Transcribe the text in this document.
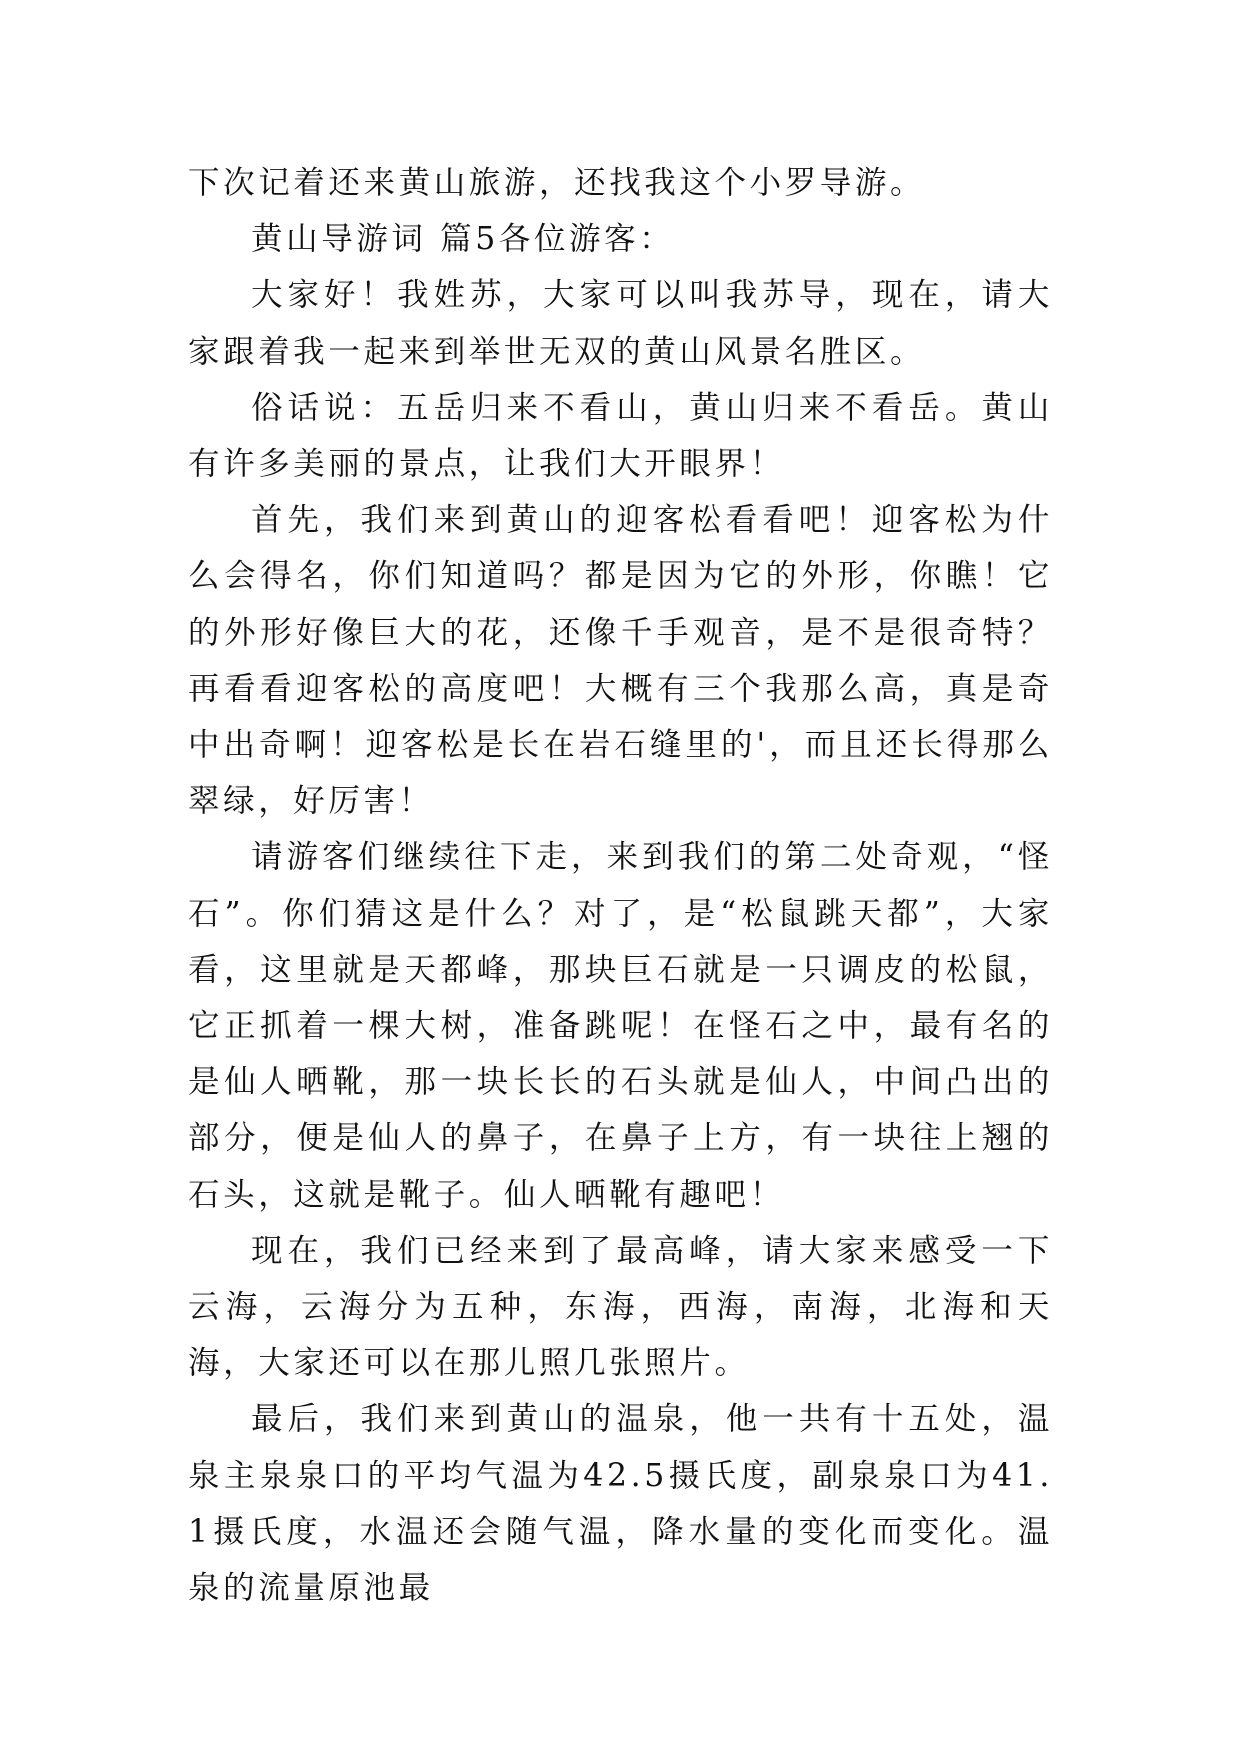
下次记着还来黄山旅游，还找我这个小罗导游。

黄山导游词 篇5各位游客：

大家好！我姓苏，大家可以叫我苏导，现在，请大家跟着我一起来到举世无双的黄山风景名胜区。

俗话说：五岳归来不看山，黄山归来不看岳。黄山有许多美丽的景点，让我们大开眼界！

首先，我们来到黄山的迎客松看看吧！迎客松为什么会得名，你们知道吗？都是因为它的外形，你瞧！它的外形好像巨大的花，还像千手观音，是不是很奇特？再看看迎客松的高度吧！大概有三个我那么高，真是奇中出奇啊！迎客松是长在岩石缝里的'，而且还长得那么翠绿，好厉害！

请游客们继续往下走，来到我们的第二处奇观，“怪石”。你们猜这是什么？对了，是“松鼠跳天都”，大家看，这里就是天都峰，那块巨石就是一只调皮的松鼠，它正抓着一棵大树，准备跳呢！在怪石之中，最有名的是仙人晒靴，那一块长长的石头就是仙人，中间凸出的部分，便是仙人的鼻子，在鼻子上方，有一块往上翘的石头，这就是靴子。仙人晒靴有趣吧！

现在，我们已经来到了最高峰，请大家来感受一下云海，云海分为五种，东海，西海，南海，北海和天海，大家还可以在那儿照几张照片。

最后，我们来到黄山的温泉，他一共有十五处，温泉主泉泉口的平均气温为42.5摄氏度，副泉泉口为41.1摄氏度，水温还会随气温，降水量的变化而变化。温泉的流量原池最
